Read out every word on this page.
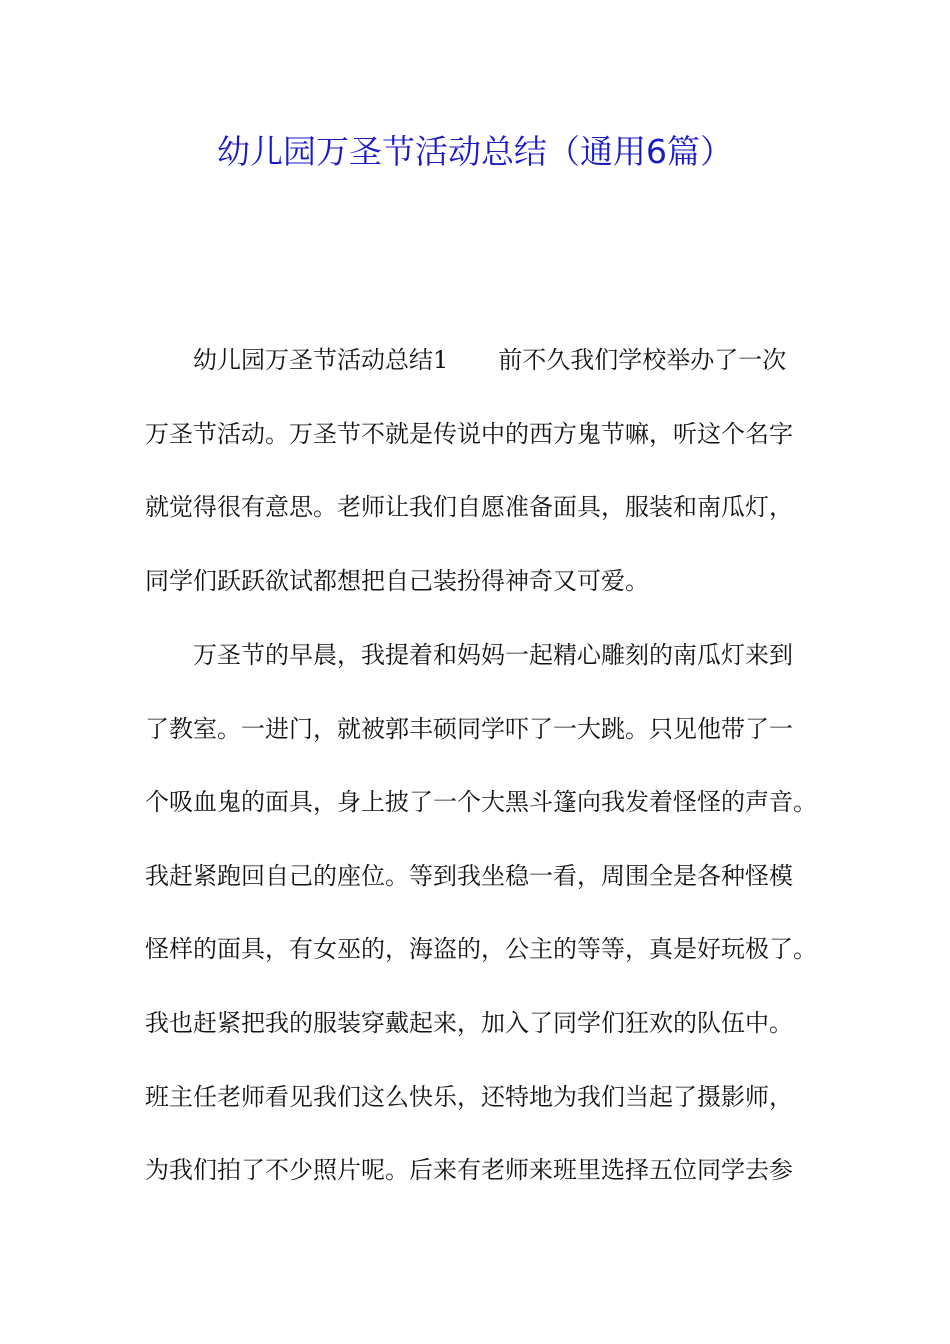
幼儿园万圣节活动总结（通用6篇）
幼儿园万圣节活动总结1 前不久我们学校举办了一次
万圣节活动。万圣节不就是传说中的西方鬼节嘛，听这个名字
就觉得很有意思。老师让我们自愿准备面具，服装和南瓜灯，
同学们跃跃欲试都想把自己装扮得神奇又可爱。
万圣节的早晨，我提着和妈妈一起精心雕刻的南瓜灯来到
了教室。一进门，就被郭丰硕同学吓了一大跳。只见他带了一
个吸血鬼的面具，身上披了一个大黑斗篷向我发着怪怪的声音。
我赶紧跑回自己的座位。等到我坐稳一看，周围全是各种怪模
怪样的面具，有女巫的，海盗的，公主的等等，真是好玩极了。
我也赶紧把我的服装穿戴起来，加入了同学们狂欢的队伍中。
班主任老师看见我们这么快乐，还特地为我们当起了摄影师，
为我们拍了不少照片呢。后来有老师来班里选择五位同学去参
